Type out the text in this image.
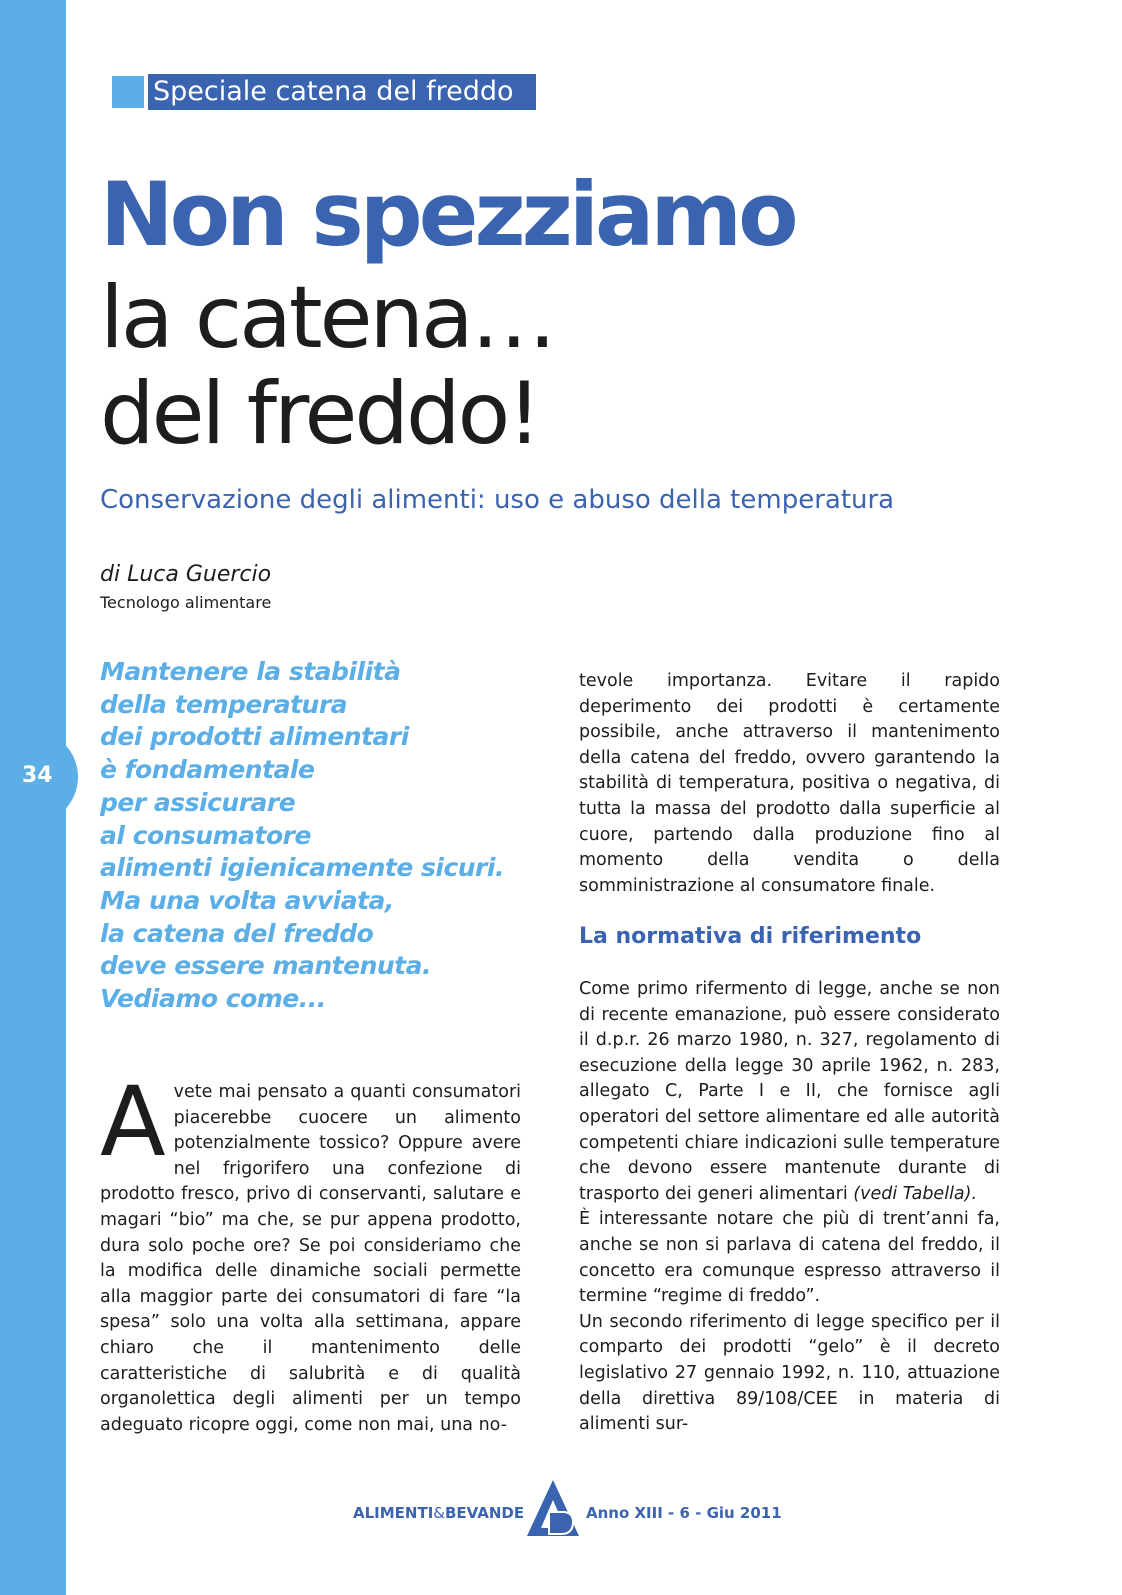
34
Speciale catena del freddo
Non spezziamo
la catena…
del freddo!
Conservazione degli alimenti: uso e abuso della temperatura
di Luca Guercio
Tecnologo alimentare
Mantenere la stabilità
della temperatura
dei prodotti alimentari
è fondamentale
per assicurare
al consumatore
alimenti igienicamente sicuri.
Ma una volta avviata,
la catena del freddo
deve essere mantenuta.
Vediamo come...
A vete mai pensato a quanti consumatori piacerebbe cuocere un alimento potenzialmente tossico? Oppure avere nel frigorifero una confezione di prodotto fresco, privo di conservanti, salutare e magari “bio” ma che, se pur appena prodotto, dura solo poche ore? Se poi consideriamo che la modifica delle dinamiche sociali permette alla maggior parte dei consumatori di fare “la spesa” solo una volta alla settimana, appare chiaro che il mantenimento delle caratteristiche di salubrità e di qualità organolettica degli alimenti per un tempo adeguato ricopre oggi, come non mai, una no-
tevole importanza. Evitare il rapido deperimento dei prodotti è certamente possibile, anche attraverso il mantenimento della catena del freddo, ovvero garantendo la stabilità di temperatura, positiva o negativa, di tutta la massa del prodotto dalla superficie al cuore, partendo dalla produzione fino al momento della vendita o della somministrazione al consumatore finale.
La normativa di riferimento

Come primo rifermento di legge, anche se non di recente emanazione, può essere considerato il d.p.r. 26 marzo 1980, n. 327, regolamento di esecuzione della legge 30 aprile 1962, n. 283, allegato C, Parte I e II, che fornisce agli operatori del settore alimentare ed alle autorità competenti chiare indicazioni sulle temperature che devono essere mantenute durante di trasporto dei generi alimentari (vedi Tabella).

È interessante notare che più di trent’anni fa, anche se non si parlava di catena del freddo, il concetto era comunque espresso attraverso il termine “regime di freddo”.

Un secondo riferimento di legge specifico per il comparto dei prodotti “gelo” è il decreto legislativo 27 gennaio 1992, n. 110, attuazione della direttiva 89/108/CEE in materia di alimenti sur-

ALIMENTI&BEVANDE	Anno XIII - 6 - Giu 2011
